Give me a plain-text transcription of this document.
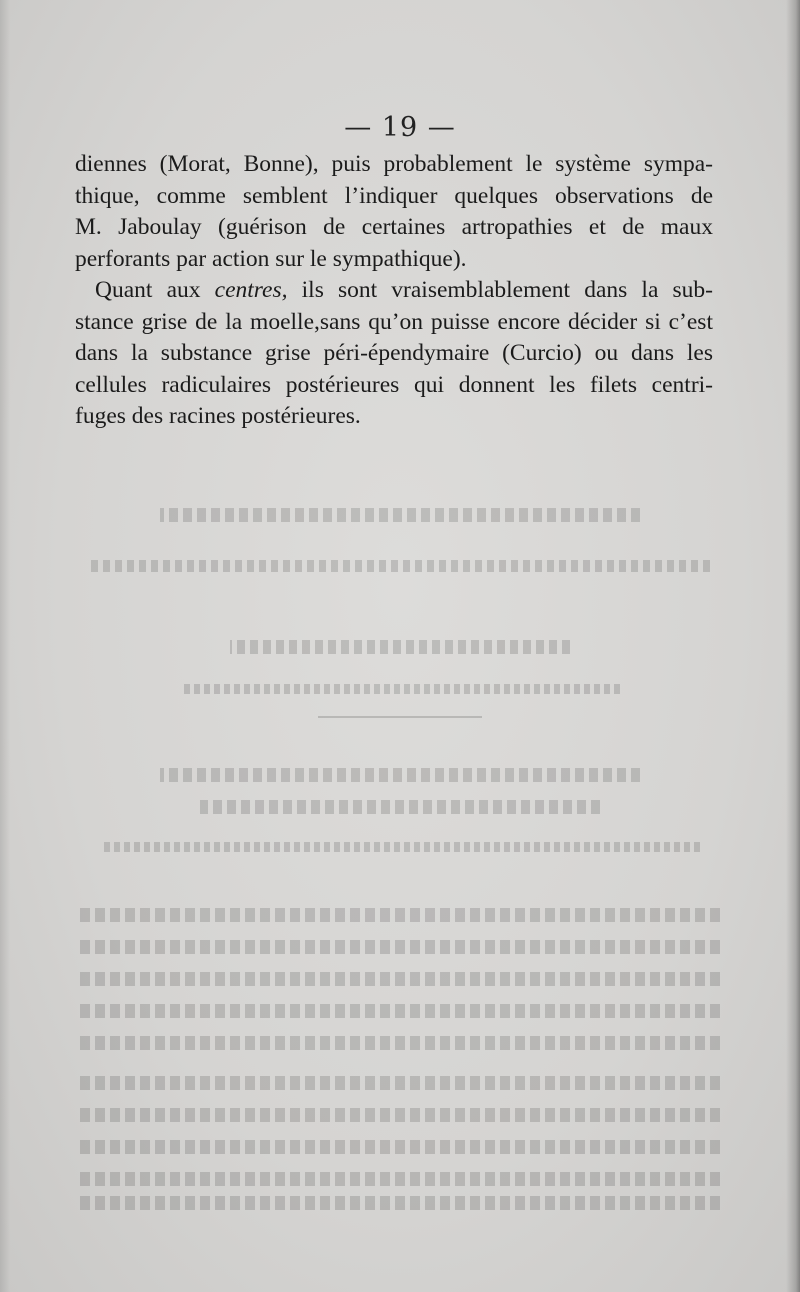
— 19 —

diennes (Morat, Bonne), puis probablement le système sympa-
thique, comme semblent l’indiquer quelques observations de
M. Jaboulay (guérison de certaines artropathies et de maux
perforants par action sur le sympathique).

Quant aux centres, ils sont vraisemblablement dans la sub-
stance grise de la moelle,sans qu’on puisse encore décider si c’est
dans la substance grise péri-épendymaire (Curcio) ou dans les
cellules radiculaires postérieures qui donnent les filets centri-
fuges des racines postérieures.
